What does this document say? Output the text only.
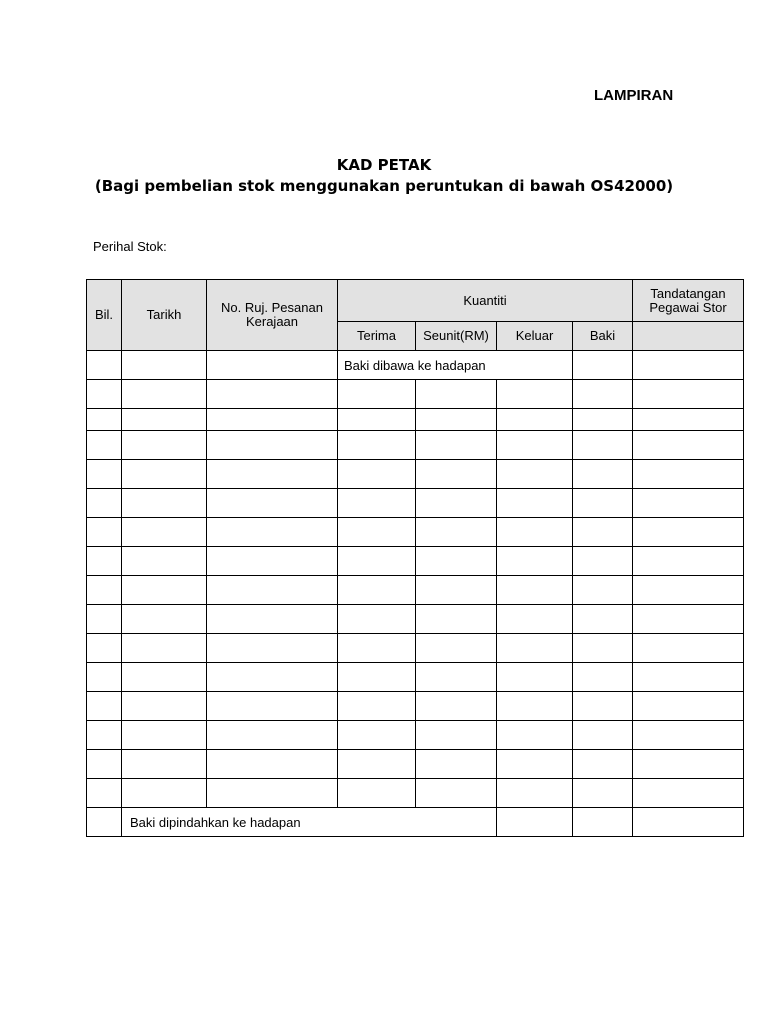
LAMPIRAN
KAD PETAK
(Bagi pembelian stok menggunakan peruntukan di bawah OS42000)
Perihal Stok:
Bil.	Tarikh	No. Ruj. Pesanan Kerajaan	Kuantiti				Tandatangan Pegawai Stor
			Terima	Seunit(RM)	Keluar	Baki	
			Baki dibawa ke hadapan				

	Baki dipindahkan ke hadapan						
